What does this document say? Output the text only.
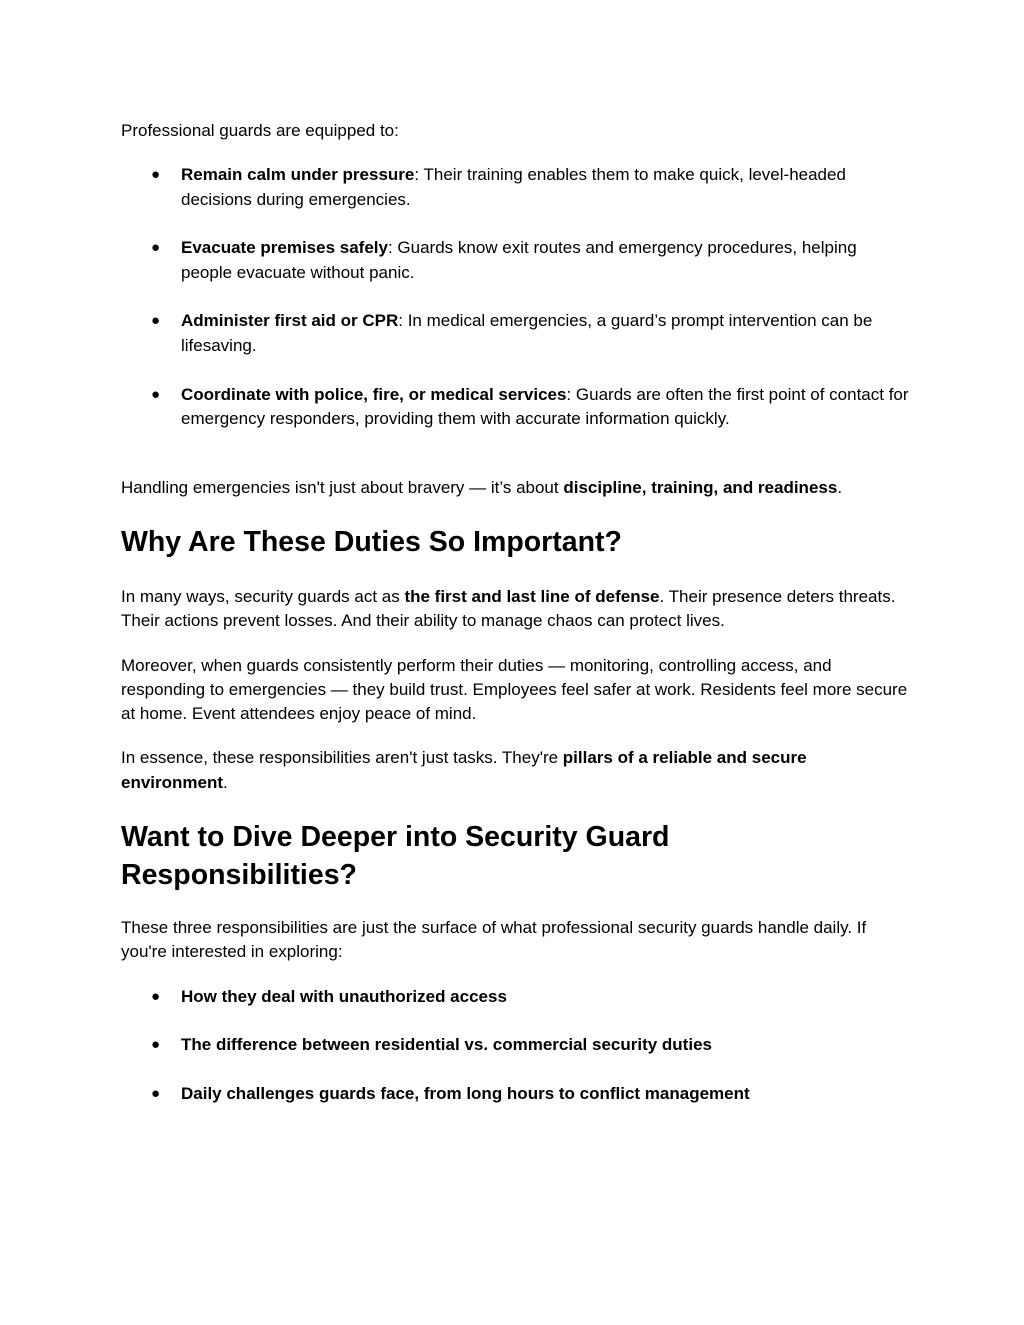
Professional guards are equipped to:

● Remain calm under pressure: Their training enables them to make quick, level-headed decisions during emergencies.
● Evacuate premises safely: Guards know exit routes and emergency procedures, helping people evacuate without panic.
● Administer first aid or CPR: In medical emergencies, a guard’s prompt intervention can be lifesaving.
● Coordinate with police, fire, or medical services: Guards are often the first point of contact for emergency responders, providing them with accurate information quickly.

Handling emergencies isn't just about bravery — it’s about discipline, training, and readiness.

Why Are These Duties So Important?

In many ways, security guards act as the first and last line of defense. Their presence deters threats. Their actions prevent losses. And their ability to manage chaos can protect lives.

Moreover, when guards consistently perform their duties — monitoring, controlling access, and responding to emergencies — they build trust. Employees feel safer at work. Residents feel more secure at home. Event attendees enjoy peace of mind.

In essence, these responsibilities aren't just tasks. They're pillars of a reliable and secure environment.

Want to Dive Deeper into Security Guard
Responsibilities?

These three responsibilities are just the surface of what professional security guards handle daily. If you're interested in exploring:

● How they deal with unauthorized access
● The difference between residential vs. commercial security duties
● Daily challenges guards face, from long hours to conflict management
